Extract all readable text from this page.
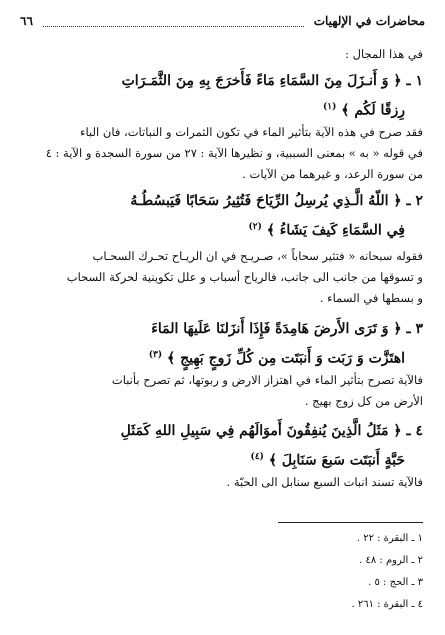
محاضرات في الإلهيات
٦٦
في هذا المجال :
١ ـ ﴿ وَ أَنـزَلَ مِنَ السَّمَاءِ مَاءً فَأَخرَجَ بِهِ مِنَ الثَّمَـرَاتِ
رِزقًا لَكُم ﴾ $^{(١)}$
فقد صرح في هذه الآية بتأثير الماء في تكون الثمرات و النباتات، فان الباء
في قوله « به » بمعنى السببية، و نظيرها الآية : ٢٧ من سورة السجدة و الآية : ٤
من سورة الرعد، و غيرهما من الآيات .
٢ ـ ﴿ اللّهُ الَّـذِي يُرسِلُ الرِّيَاحَ فَتُثِيرُ سَحَابًا فَيَبسُطُـهُ
فِي السَّمَاءِ كَيفَ يَشَاءُ ﴾ $^{(٢)}$
فقوله سبحانه « فتثير سحاباً »، صـريـح في ان الريـاح تحـرك السحـاب
و تسوقها من جانب الى جانب، فالرياح أسباب و علل تكوينية لحركة السحاب
و بسطها في السماء .
٣ ـ ﴿ وَ تَرَى الأَرضَ هَامِدَةً فَإِذَا أَنزَلنَا عَلَيهَا المَاءَ
اهتَزَّت وَ رَبَت وَ أَنبَتَت مِن كُلِّ زَوجٍ بَهِيجٍ ﴾ $^{(٣)}$
فالآية تصرح بتأثير الماء في اهتزاز الارض و ربوتها، ثم تصرح بأنبات
الأرض من كل زوج بهيج .
٤ ـ ﴿ مَثَلُ الَّذِينَ يُنفِقُونَ أَموَالَهُم فِي سَبِيلِ اللهِ كَمَثَلِ
حَبَّةٍ أَنبَتَت سَبعَ سَنَابِلَ ﴾ $^{(٤)}$
فالآية تسند انبات السبع سنابل الى الحبّة .
١ ـ البقرة : ٢٢ .
٢ ـ الروم : ٤٨ .
٣ ـ الحج : ٥ .
٤ ـ البقرة : ٢٦١ .
